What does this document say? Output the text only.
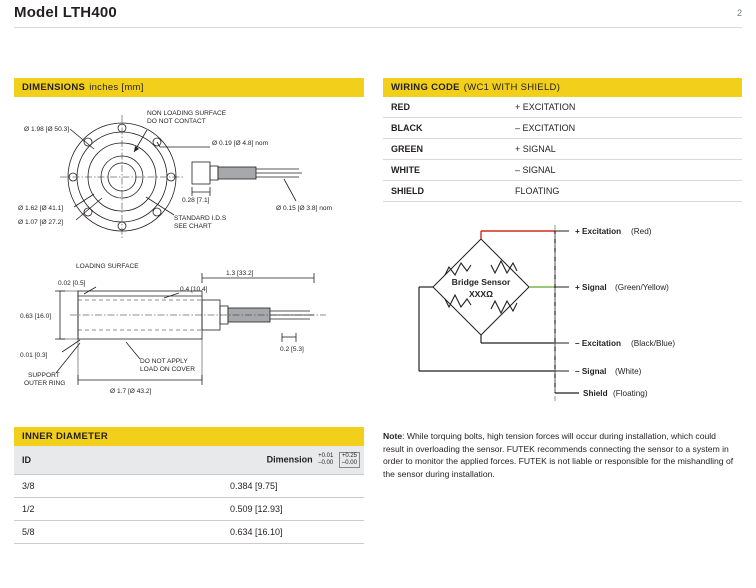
Model LTH400	2
DIMENSIONS inches [mm]
NON LOADING SURFACE
DO NOT CONTACT
Ø 1.98 [Ø 50.3]
Ø 1.62 [Ø 41.1]
Ø 1.07 [Ø 27.2]
Ø 0.19 [Ø 4.8] nom
Ø 0.15 [Ø 3.8] nom
0.28 [7.1]
STANDARD I.D.S
SEE CHART
LOADING SURFACE
1.3 [33.2]
0.02 [0.5]
0.4 [10.4]
0.63 [16.0]
0.01 [0.3]
SUPPORT
OUTER RING
DO NOT APPLY
LOAD ON COVER
0.2 [5.3]
Ø 1.7 [Ø 43.2]
WIRING CODE (WC1 WITH SHIELD)
RED	+ EXCITATION
BLACK	– EXCITATION
GREEN	+ SIGNAL
WHITE	– SIGNAL
SHIELD	FLOATING
Bridge Sensor
XXXΩ
+ Excitation (Red)
+ Signal (Green/Yellow)
– Excitation (Black/Blue)
– Signal (White)
Shield (Floating)
INNER DIAMETER
ID	Dimension +0.01
–0.00 +0.25
–0.00
3/8	0.384 [9.75]
1/2	0.509 [12.93]
5/8	0.634 [16.10]
Note: While torquing bolts, high tension forces will occur during installation, which could result in overloading the sensor. FUTEK recommends connecting the sensor to a system in order to monitor the applied forces. FUTEK is not liable or responsible for the mishandling of the sensor during installation.
